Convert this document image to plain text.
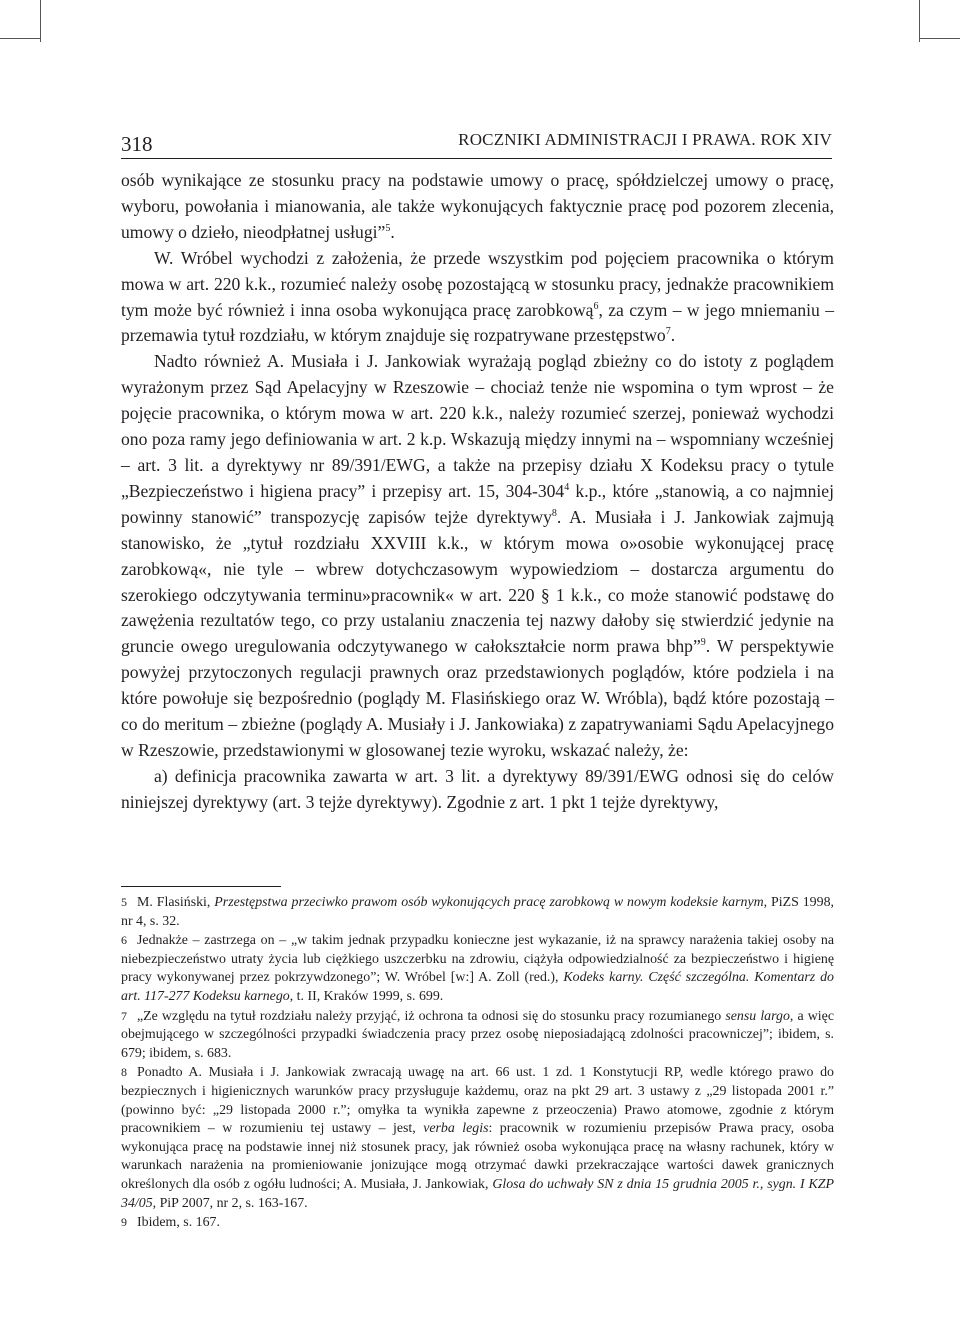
318	ROCZNIKI ADMINISTRACJI I PRAWA. ROK XIV

osób wynikające ze stosunku pracy na podstawie umowy o pracę, spółdzielczej umowy o pracę, wyboru, powołania i mianowania, ale także wykonujących faktycznie pracę pod pozorem zlecenia, umowy o dzieło, nieodpłatnej usługi”$^5$.

W. Wróbel wychodzi z założenia, że przede wszystkim pod pojęciem pracownika o którym mowa w art. 220 k.k., rozumieć należy osobę pozostającą w stosunku pracy, jednakże pracownikiem tym może być również i inna osoba wykonująca pracę zarobkową$^6$, za czym – w jego mniemaniu – przemawia tytuł rozdziału, w którym znajduje się rozpatrywane przestępstwo$^7$.

Nadto również A. Musiała i J. Jankowiak wyrażają pogląd zbieżny co do istoty z poglądem wyrażonym przez Sąd Apelacyjny w Rzeszowie – chociaż tenże nie wspomina o tym wprost – że pojęcie pracownika, o którym mowa w art. 220 k.k., należy rozumieć szerzej, ponieważ wychodzi ono poza ramy jego definiowania w art. 2 k.p. Wskazują między innymi na – wspomniany wcześniej – art. 3 lit. a dyrektywy nr 89/391/EWG, a także na przepisy działu X Kodeksu pracy o tytule „Bezpieczeństwo i higiena pracy” i przepisy art. 15, $304-304^4$ k.p., które „stanowią, a co najmniej powinny stanowić” transpozycję zapisów tejże dyrektywy$^8$. A. Musiała i J. Jankowiak zajmują stanowisko, że „tytuł rozdziału XXVIII k.k., w którym mowa o»osobie wykonującej pracę zarobkową«, nie tyle – wbrew dotychczasowym wypowiedziom – dostarcza argumentu do szerokiego odczytywania terminu»pracownik« w art. 220 § 1 k.k., co może stanowić podstawę do zawężenia rezultatów tego, co przy ustalaniu znaczenia tej nazwy dałoby się stwierdzić jedynie na gruncie owego uregulowania odczytywanego w całokształcie norm prawa bhp”$^9$. W perspektywie powyżej przytoczonych regulacji prawnych oraz przedstawionych poglądów, które podziela i na które powołuje się bezpośrednio (poglądy M. Flasińskiego oraz W. Wróbla), bądź które pozostają – co do meritum – zbieżne (poglądy A. Musiały i J. Jankowiaka) z zapatrywaniami Sądu Apelacyjnego w Rzeszowie, przedstawionymi w glosowanej tezie wyroku, wskazać należy, że:

a) definicja pracownika zawarta w art. 3 lit. a dyrektywy 89/391/EWG odnosi się do celów niniejszej dyrektywy (art. 3 tejże dyrektywy). Zgodnie z art. 1 pkt 1 tejże dyrektywy,

5 M. Flasiński, Przestępstwa przeciwko prawom osób wykonujących pracę zarobkową w nowym kodeksie karnym, PiZS 1998, nr 4, s. 32.

6 Jednakże – zastrzega on – „w takim jednak przypadku konieczne jest wykazanie, iż na sprawcy narażenia takiej osoby na niebezpieczeństwo utraty życia lub ciężkiego uszczerbku na zdrowiu, ciążyła odpowiedzialność za bezpieczeństwo i higienę pracy wykonywanej przez pokrzywdzonego”; W. Wróbel [w:] A. Zoll (red.), Kodeks karny. Część szczególna. Komentarz do art. 117-277 Kodeksu karnego, t. II, Kraków 1999, s. 699.

7 „Ze względu na tytuł rozdziału należy przyjąć, iż ochrona ta odnosi się do stosunku pracy rozumianego sensu largo, a więc obejmującego w szczególności przypadki świadczenia pracy przez osobę nieposiadającą zdolności pracowniczej”; ibidem, s. 679; ibidem, s. 683.

8 Ponadto A. Musiała i J. Jankowiak zwracają uwagę na art. 66 ust. 1 zd. 1 Konstytucji RP, wedle którego prawo do bezpiecznych i higienicznych warunków pracy przysługuje każdemu, oraz na pkt 29 art. 3 ustawy z „29 listopada 2001 r.” (powinno być: „29 listopada 2000 r.”; omyłka ta wynikła zapewne z przeoczenia) Prawo atomowe, zgodnie z którym pracownikiem – w rozumieniu tej ustawy – jest, verba legis: pracownik w rozumieniu przepisów Prawa pracy, osoba wykonująca pracę na podstawie innej niż stosunek pracy, jak również osoba wykonująca pracę na własny rachunek, który w warunkach narażenia na promieniowanie jonizujące mogą otrzymać dawki przekraczające wartości dawek granicznych określonych dla osób z ogółu ludności; A. Musiała, J. Jankowiak, Glosa do uchwały SN z dnia 15 grudnia 2005 r., sygn. I KZP 34/05, PiP 2007, nr 2, s. 163-167.

9 Ibidem, s. 167.
